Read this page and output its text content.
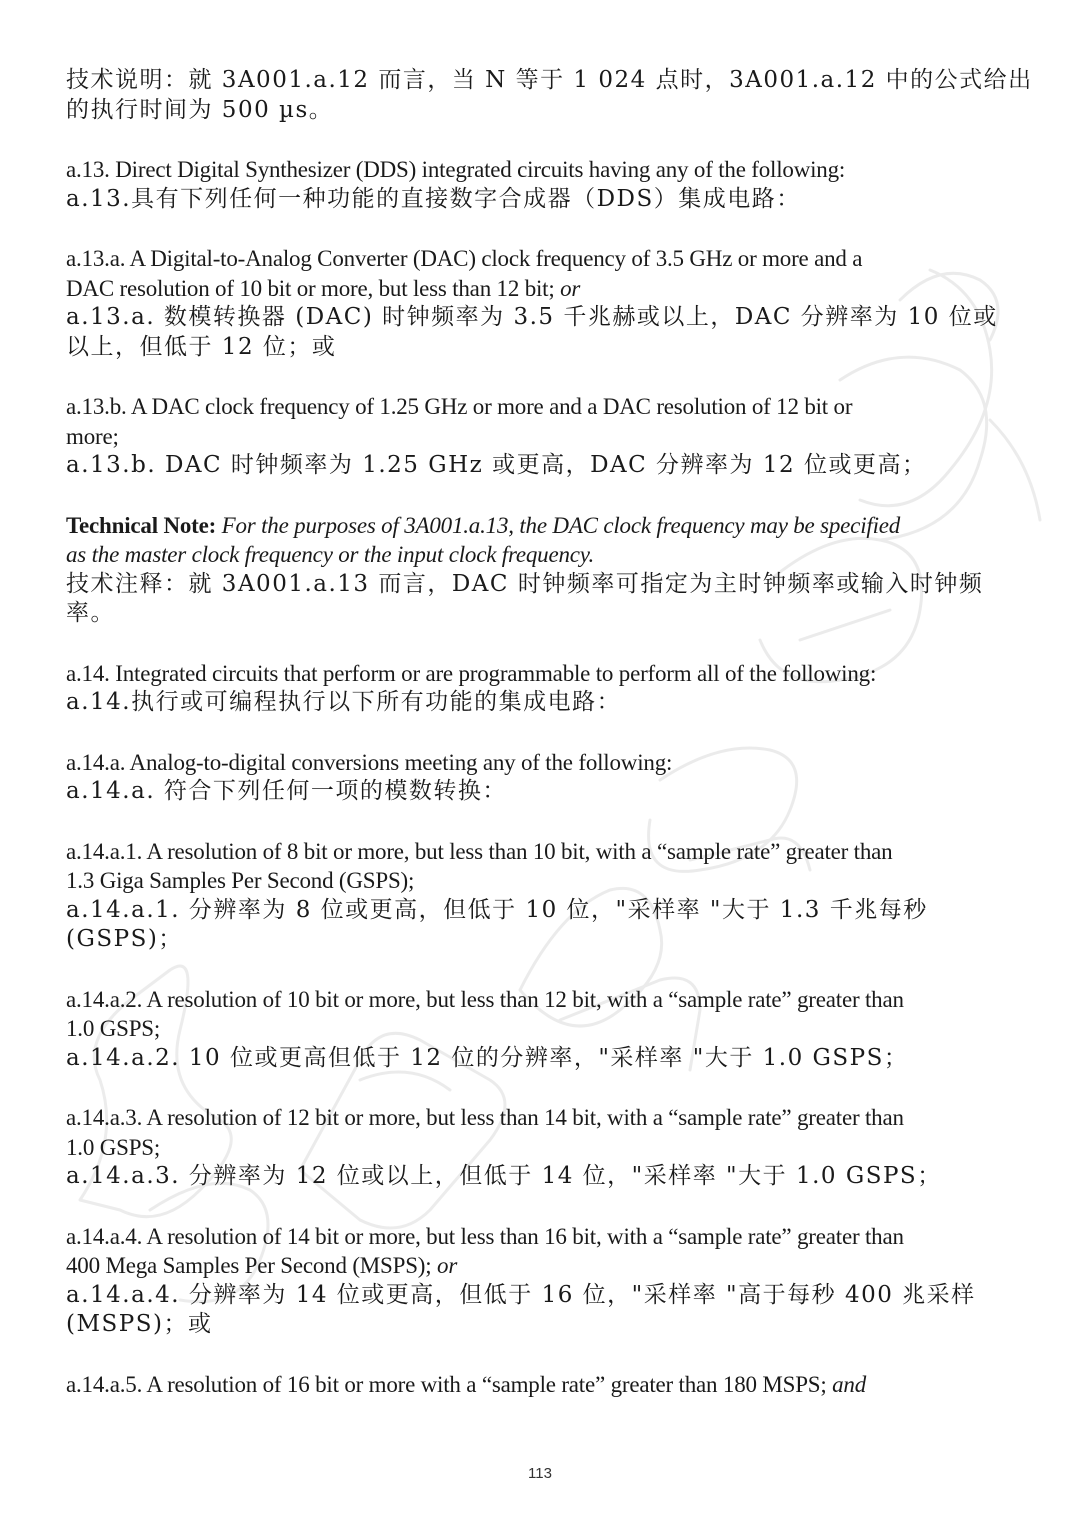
技术说明：就 3A001.a.12 而言，当 N 等于 1 024 点时，3A001.a.12 中的公式给出

的执行时间为 500 µs。

a.13. Direct Digital Synthesizer (DDS) integrated circuits having any of the following:

a.13.具有下列任何一种功能的直接数字合成器（DDS）集成电路：

a.13.a. A Digital-to-Analog Converter (DAC) clock frequency of 3.5 GHz or more and a

DAC resolution of 10 bit or more, but less than 12 bit; or

a.13.a. 数模转换器 (DAC) 时钟频率为 3.5 千兆赫或以上，DAC 分辨率为 10 位或

以上，但低于 12 位；或

a.13.b. A DAC clock frequency of 1.25 GHz or more and a DAC resolution of 12 bit or

more;

a.13.b. DAC 时钟频率为 1.25 GHz 或更高，DAC 分辨率为 12 位或更高；

Technical Note: For the purposes of 3A001.a.13, the DAC clock frequency may be specified

as the master clock frequency or the input clock frequency.

技术注释：就 3A001.a.13 而言，DAC 时钟频率可指定为主时钟频率或输入时钟频

率。

a.14. Integrated circuits that perform or are programmable to perform all of the following:

a.14.执行或可编程执行以下所有功能的集成电路：

a.14.a. Analog-to-digital conversions meeting any of the following:

a.14.a. 符合下列任何一项的模数转换：

a.14.a.1. A resolution of 8 bit or more, but less than 10 bit, with a “sample rate” greater than

1.3 Giga Samples Per Second (GSPS);

a.14.a.1. 分辨率为 8 位或更高，但低于 10 位，"采样率 "大于 1.3 千兆每秒

(GSPS)；

a.14.a.2. A resolution of 10 bit or more, but less than 12 bit, with a “sample rate” greater than

1.0 GSPS;

a.14.a.2. 10 位或更高但低于 12 位的分辨率，"采样率 "大于 1.0 GSPS；

a.14.a.3. A resolution of 12 bit or more, but less than 14 bit, with a “sample rate” greater than

1.0 GSPS;

a.14.a.3. 分辨率为 12 位或以上，但低于 14 位，"采样率 "大于 1.0 GSPS；

a.14.a.4. A resolution of 14 bit or more, but less than 16 bit, with a “sample rate” greater than

400 Mega Samples Per Second (MSPS); or

a.14.a.4. 分辨率为 14 位或更高，但低于 16 位，"采样率 "高于每秒 400 兆采样

(MSPS)；或

a.14.a.5. A resolution of 16 bit or more with a “sample rate” greater than 180 MSPS; and

113
